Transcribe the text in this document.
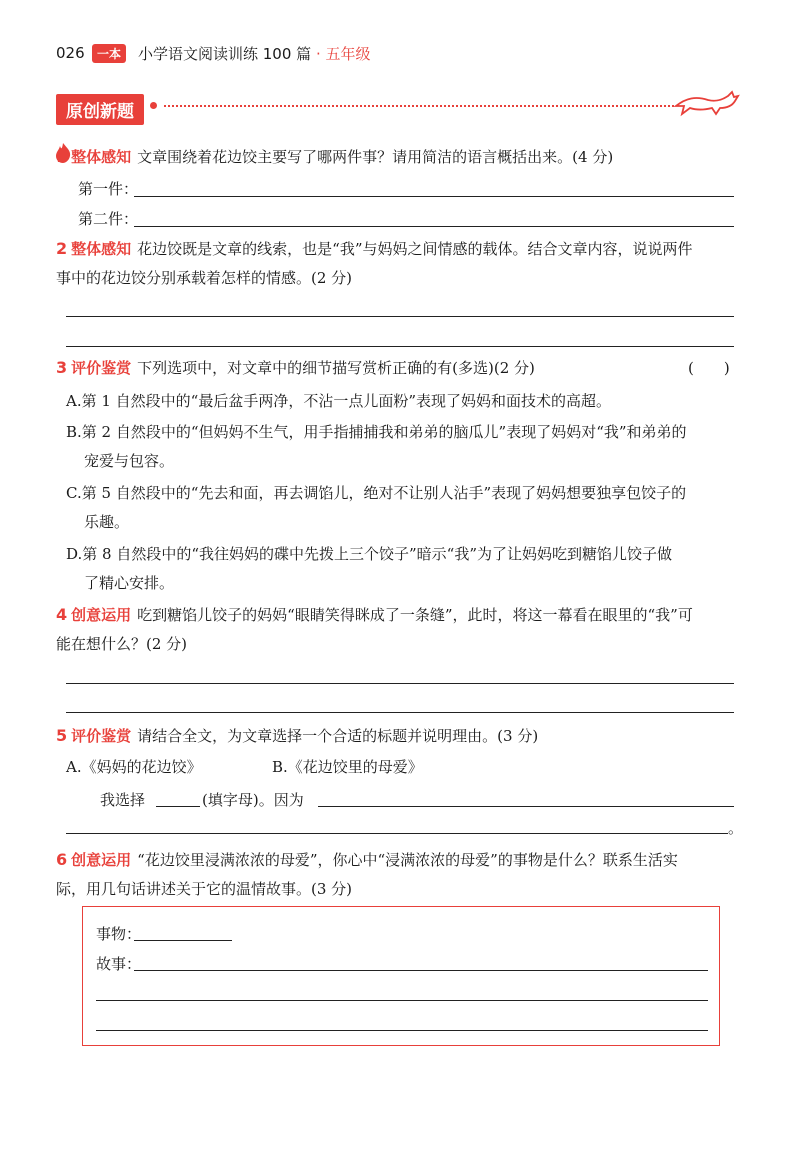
026	一本	小学语文阅读训练 100 篇 · 五年级
原创新题
1 整体感知 文章围绕着花边饺主要写了哪两件事？请用简洁的语言概括出来。(4 分)
第一件：
第二件：
2 整体感知 花边饺既是文章的线索，也是“我”与妈妈之间情感的载体。结合文章内容，说说两件
事中的花边饺分别承载着怎样的情感。(2 分)
3 评价鉴赏 下列选项中，对文章中的细节描写赏析正确的有(多选)(2 分)	(　　)
A.第 1 自然段中的“最后盆手两净，不沾一点儿面粉”表现了妈妈和面技术的高超。
B.第 2 自然段中的“但妈妈不生气，用手指捕捕我和弟弟的脑瓜儿”表现了妈妈对“我”和弟弟的
宠爱与包容。
C.第 5 自然段中的“先去和面，再去调馅儿，绝对不让别人沾手”表现了妈妈想要独享包饺子的
乐趣。
D.第 8 自然段中的“我往妈妈的碟中先拨上三个饺子”暗示“我”为了让妈妈吃到糖馅儿饺子做
了精心安排。
4 创意运用 吃到糖馅儿饺子的妈妈“眼睛笑得眯成了一条缝”，此时，将这一幕看在眼里的“我”可
能在想什么？(2 分)
5 评价鉴赏 请结合全文，为文章选择一个合适的标题并说明理由。(3 分)
A.《妈妈的花边饺》	B.《花边饺里的母爱》
我选择	(填字母)。因为
。
6 创意运用 “花边饺里浸满浓浓的母爱”，你心中“浸满浓浓的母爱”的事物是什么？联系生活实
际，用几句话讲述关于它的温情故事。(3 分)
事物：
故事：
